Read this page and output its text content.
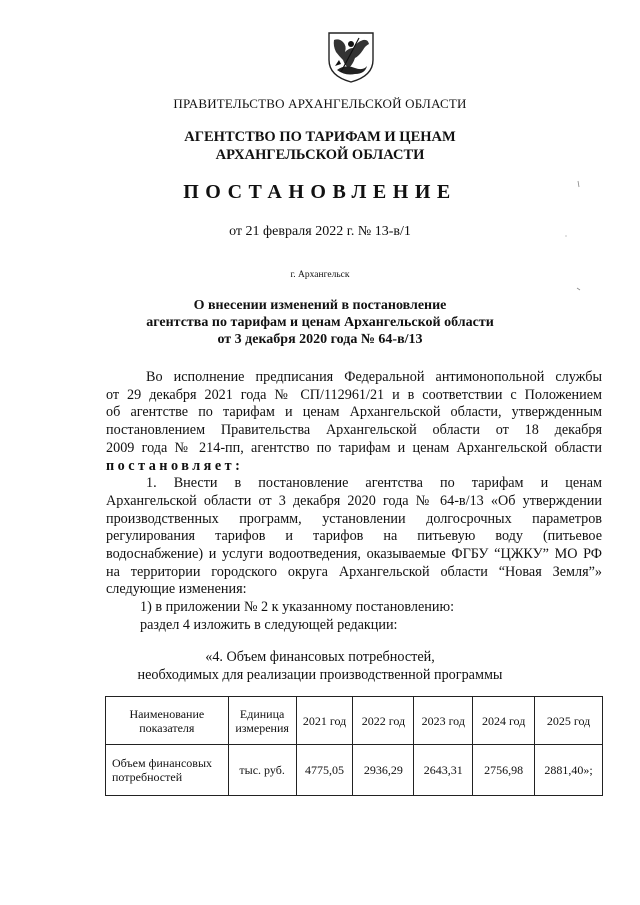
ПРАВИТЕЛЬСТВО АРХАНГЕЛЬСКОЙ ОБЛАСТИ
АГЕНТСТВО ПО ТАРИФАМ И ЦЕНАМ
АРХАНГЕЛЬСКОЙ ОБЛАСТИ
ПОСТАНОВЛЕНИЕ
от 21 февраля 2022 г. № 13-в/1
г. Архангельск
О внесении изменений в постановление
агентства по тарифам и ценам Архангельской области
от 3 декабря 2020 года № 64-в/13

Во исполнение предписания Федеральной антимонопольной службы

от 29 декабря 2021 года № СП/112961/21 и в соответствии с Положением

об агентстве по тарифам и ценам Архангельской области, утвержденным

постановлением Правительства Архангельской области от 18 декабря

2009 года № 214-пп, агентство по тарифам и ценам Архангельской области

постановляет:

1. Внести в постановление агентства по тарифам и ценам

Архангельской области от 3 декабря 2020 года № 64-в/13 «Об утверждении

производственных программ, установлении долгосрочных параметров

регулирования тарифов и тарифов на питьевую воду (питьевое

водоснабжение) и услуги водоотведения, оказываемые ФГБУ “ЦЖКУ” МО РФ

на территории городского округа Архангельской области “Новая Земля”»

следующие изменения:

1) в приложении № 2 к указанному постановлению:

раздел 4 изложить в следующей редакции:

«4. Объем финансовых потребностей,
необходимых для реализации производственной программы
Наименование показателя	Единица измерения	2021 год	2022 год	2023 год	2024 год	2025 год
Объем финансовых потребностей	тыс. руб.	4775,05	2936,29	2643,31	2756,98	2881,40»;
